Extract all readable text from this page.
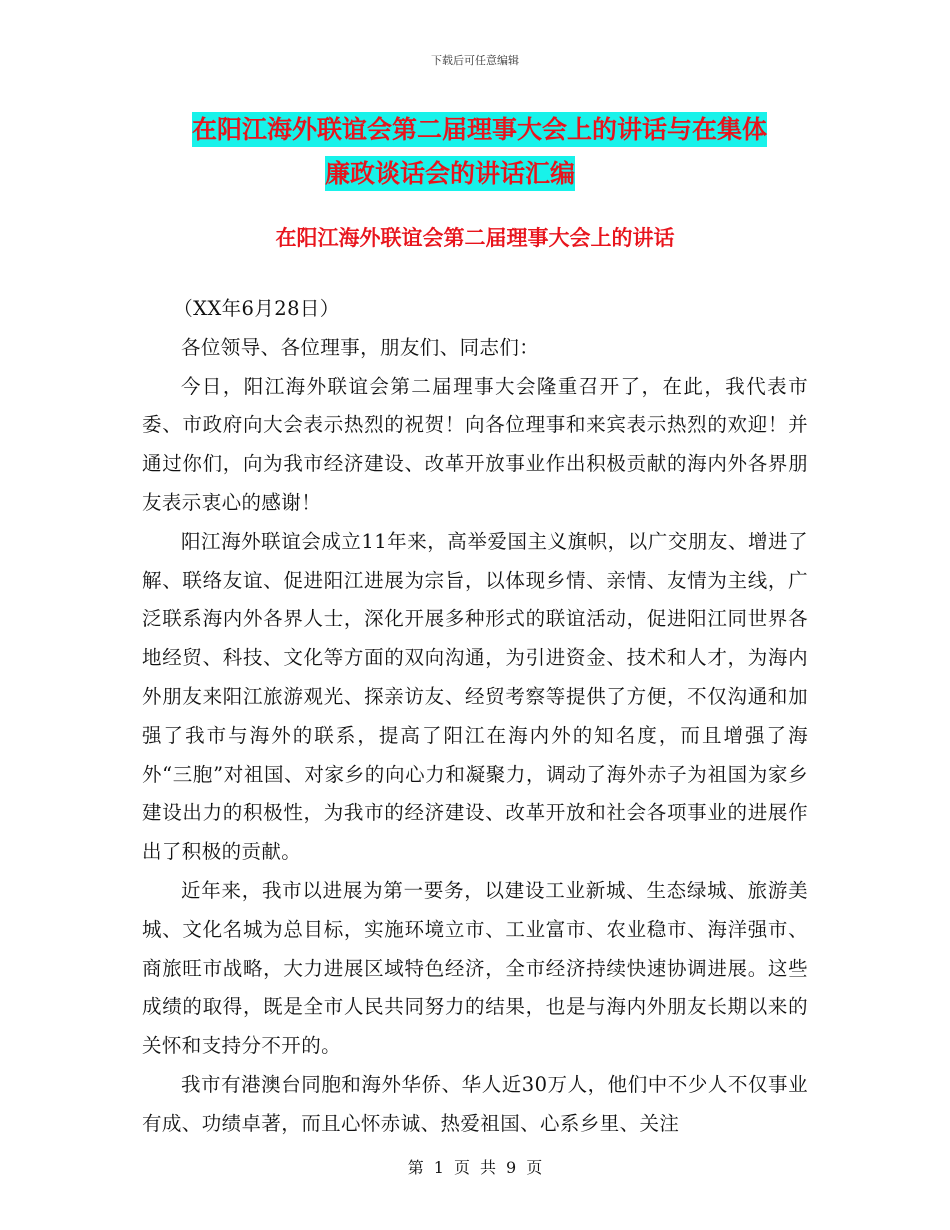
下载后可任意编辑
在阳江海外联谊会第二届理事大会上的讲话与在集体
廉政谈话会的讲话汇编
在阳江海外联谊会第二届理事大会上的讲话

（XX年6月28日）

各位领导、各位理事，朋友们、同志们：

今日，阳江海外联谊会第二届理事大会隆重召开了，在此，我代表市委、市政府向大会表示热烈的祝贺！向各位理事和来宾表示热烈的欢迎！并通过你们，向为我市经济建设、改革开放事业作出积极贡献的海内外各界朋友表示衷心的感谢！

阳江海外联谊会成立11年来，高举爱国主义旗帜，以广交朋友、增进了解、联络友谊、促进阳江进展为宗旨，以体现乡情、亲情、友情为主线，广泛联系海内外各界人士，深化开展多种形式的联谊活动，促进阳江同世界各地经贸、科技、文化等方面的双向沟通，为引进资金、技术和人才，为海内外朋友来阳江旅游观光、探亲访友、经贸考察等提供了方便，不仅沟通和加强了我市与海外的联系，提高了阳江在海内外的知名度，而且增强了海外“三胞”对祖国、对家乡的向心力和凝聚力，调动了海外赤子为祖国为家乡建设出力的积极性，为我市的经济建设、改革开放和社会各项事业的进展作出了积极的贡献。

近年来，我市以进展为第一要务，以建设工业新城、生态绿城、旅游美城、文化名城为总目标，实施环境立市、工业富市、农业稳市、海洋强市、商旅旺市战略，大力进展区域特色经济，全市经济持续快速协调进展。这些成绩的取得，既是全市人民共同努力的结果，也是与海内外朋友长期以来的关怀和支持分不开的。

我市有港澳台同胞和海外华侨、华人近30万人，他们中不少人不仅事业有成、功绩卓著，而且心怀赤诚、热爱祖国、心系乡里、关注

第 1 页 共 9 页
